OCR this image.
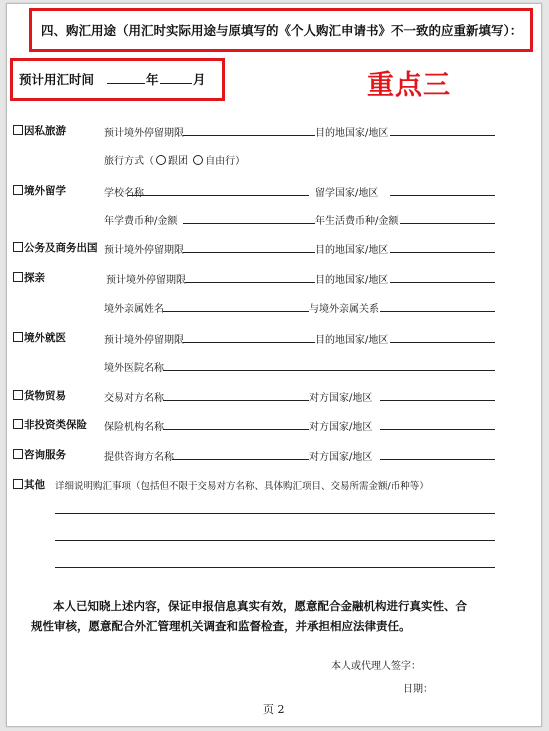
四、购汇用途（用汇时实际用途与原填写的《个人购汇申请书》不一致的应重新填写）：
预计用汇时间	年	月	重点三
因私旅游	预计境外停留期限	目的地国家/地区
旅行方式（ 跟团 自由行）
境外留学	学校名称	留学国家/地区
年学费币种/金额	年生活费币种/金额
公务及商务出国 预计境外停留期限	目的地国家/地区
探亲	预计境外停留期限	目的地国家/地区
境外亲属姓名	与境外亲属关系
境外就医	预计境外停留期限	目的地国家/地区
境外医院名称
货物贸易	交易对方名称	对方国家/地区
非投资类保险 保险机构名称	对方国家/地区
咨询服务	提供咨询方名称	对方国家/地区
其他 详细说明购汇事项（包括但不限于交易对方名称、具体购汇项目、交易所需金额/币种等）
本人已知晓上述内容，保证申报信息真实有效，愿意配合金融机构进行真实性、合
规性审核，愿意配合外汇管理机关调查和监督检查，并承担相应法律责任。
本人或代理人签字：
日期：
页 2
